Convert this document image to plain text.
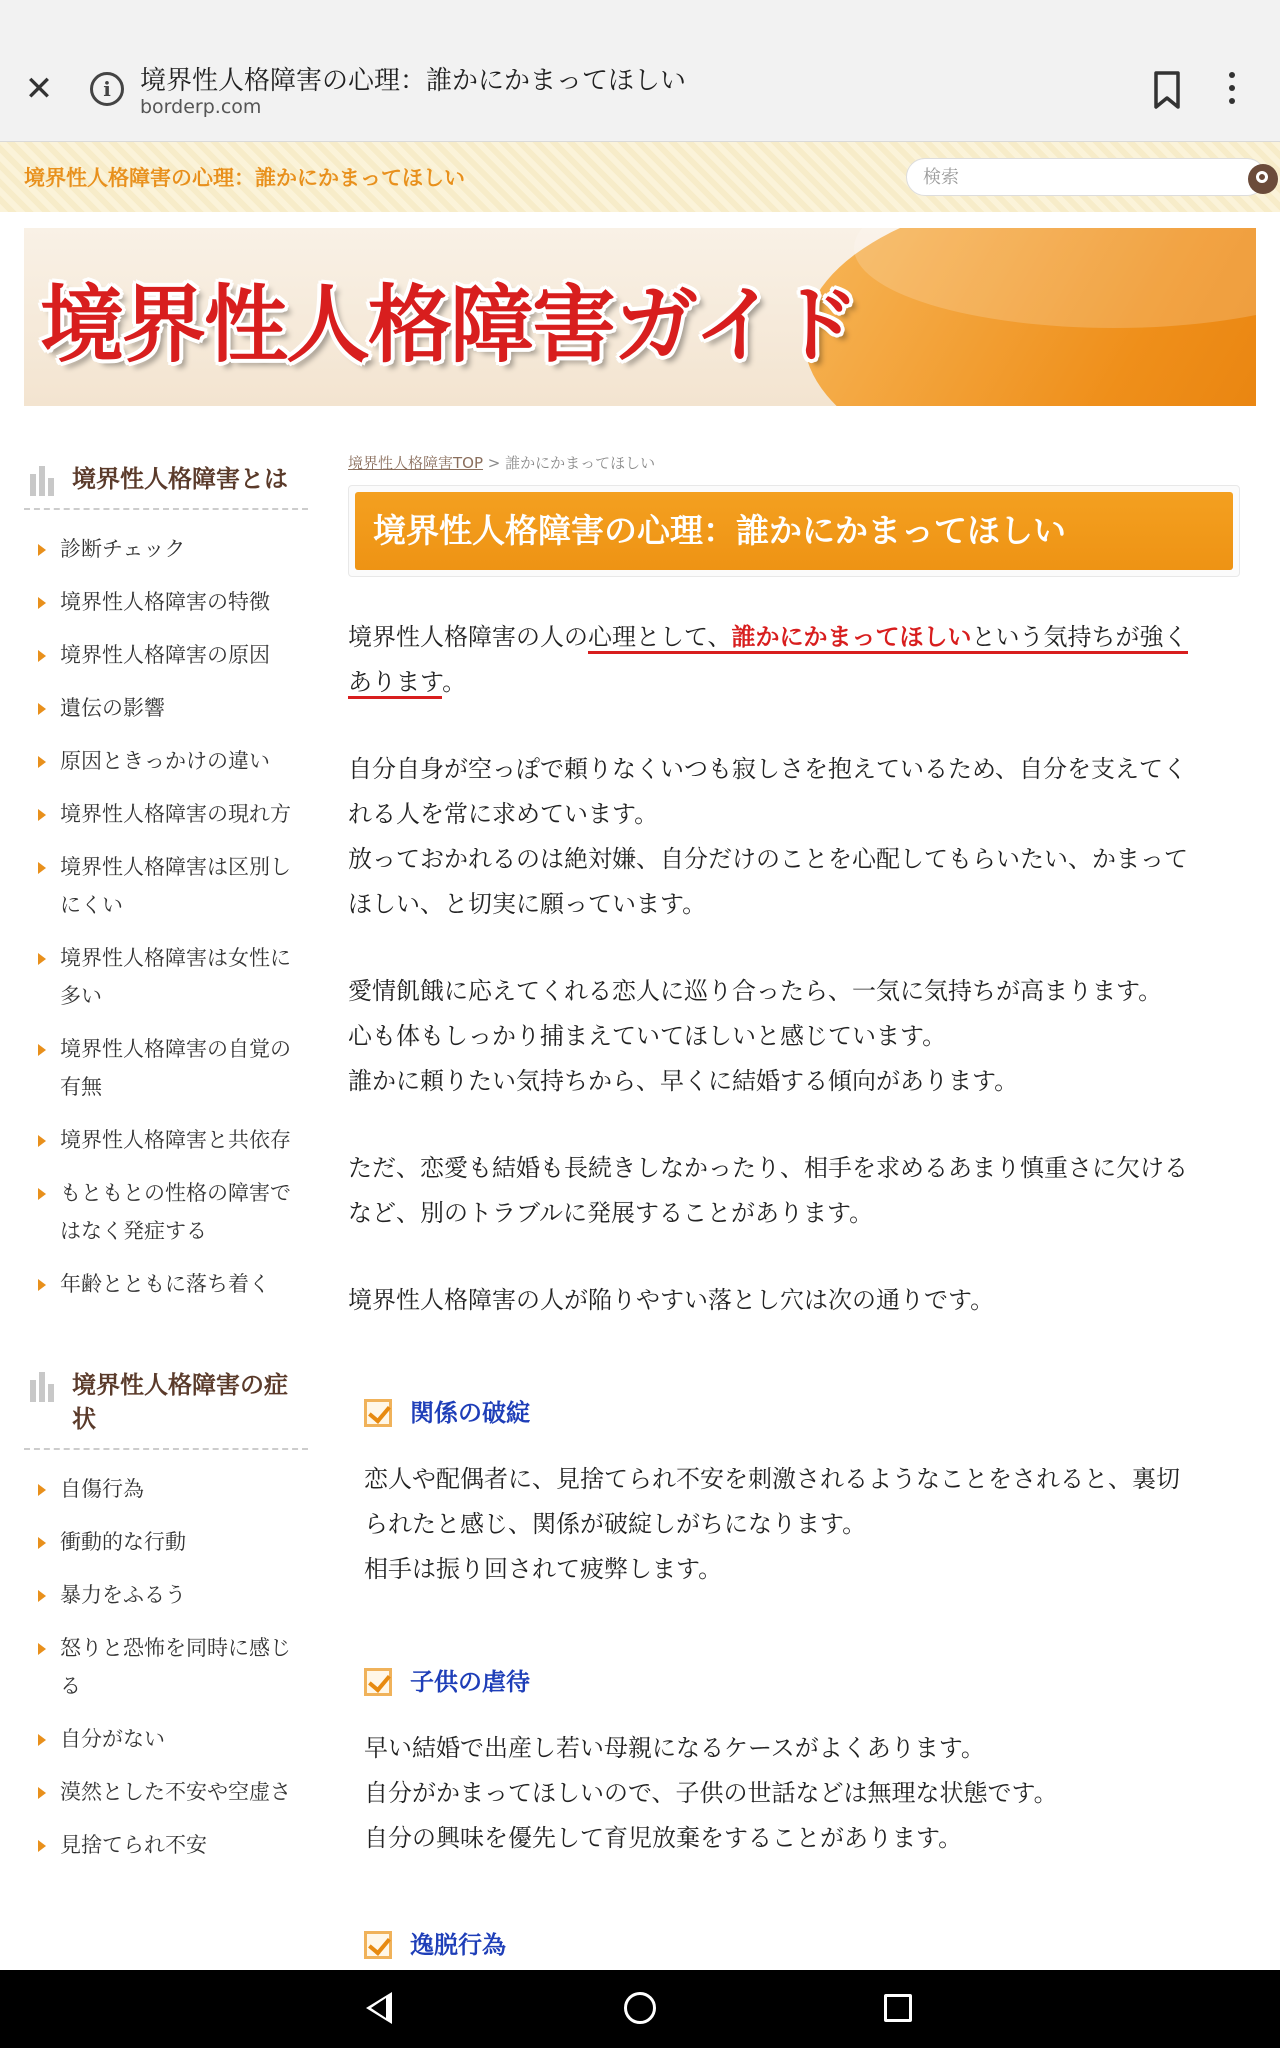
✕	i	境界性人格障害の心理：誰かにかまってほしい
borderp.com
境界性人格障害の心理：誰かにかまってほしい
検索
境界性人格障害ガイド
境界性人格障害とは
診断チェック
境界性人格障害の特徴
境界性人格障害の原因
遺伝の影響
原因ときっかけの違い
境界性人格障害の現れ方
境界性人格障害は区別しにくい
境界性人格障害は女性に多い
境界性人格障害の自覚の有無
境界性人格障害と共依存
もともとの性格の障害ではなく発症する
年齢とともに落ち着く
境界性人格障害の症状
自傷行為
衝動的な行動
暴力をふるう
怒りと恐怖を同時に感じる
自分がない
漠然とした不安や空虚さ
見捨てられ不安
境界性人格障害TOP > 誰かにかまってほしい
境界性人格障害の心理：誰かにかまってほしい
境界性人格障害の人の心理として、誰かにかまってほしいという気持ちが強く
あります。
自分自身が空っぽで頼りなくいつも寂しさを抱えているため、自分を支えてく
れる人を常に求めています。
放っておかれるのは絶対嫌、自分だけのことを心配してもらいたい、かまって
ほしい、と切実に願っています。
愛情飢餓に応えてくれる恋人に巡り合ったら、一気に気持ちが高まります。
心も体もしっかり捕まえていてほしいと感じています。
誰かに頼りたい気持ちから、早くに結婚する傾向があります。
ただ、恋愛も結婚も長続きしなかったり、相手を求めるあまり慎重さに欠ける
など、別のトラブルに発展することがあります。
境界性人格障害の人が陥りやすい落とし穴は次の通りです。
関係の破綻
恋人や配偶者に、見捨てられ不安を刺激されるようなことをされると、裏切
られたと感じ、関係が破綻しがちになります。
相手は振り回されて疲弊します。
子供の虐待
早い結婚で出産し若い母親になるケースがよくあります。
自分がかまってほしいので、子供の世話などは無理な状態です。
自分の興味を優先して育児放棄をすることがあります。
逸脱行為
